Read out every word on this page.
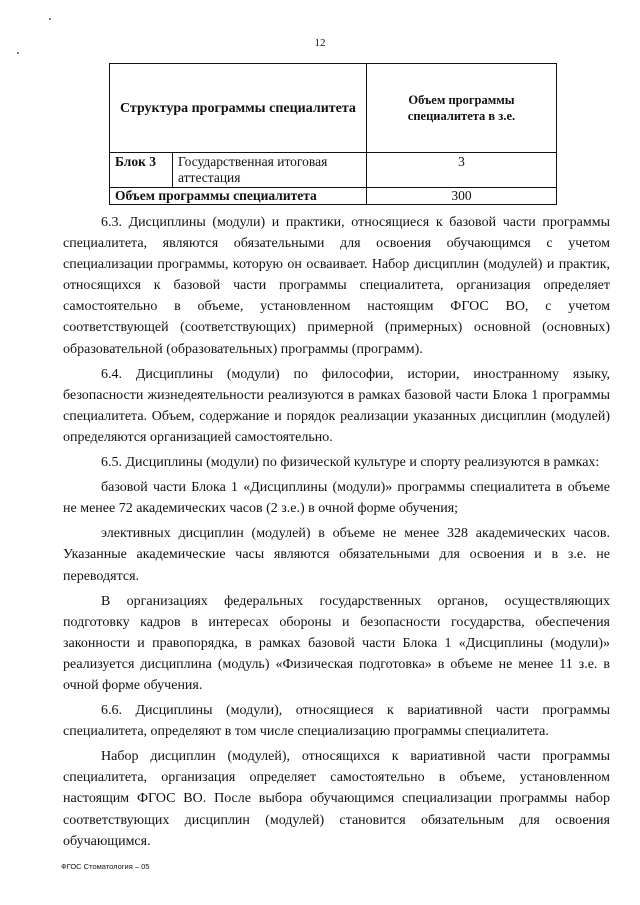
12
Структура программы специалитета		Объем программы специалитета в з.е.
Блок 3	Государственная итоговая аттестация	3
Объем программы специалитета		300

6.3. Дисциплины (модули) и практики, относящиеся к базовой части программы специалитета, являются обязательными для освоения обучающимся с учетом специализации программы, которую он осваивает. Набор дисциплин (модулей) и практик, относящихся к базовой части программы специалитета, организация определяет самостоятельно в объеме, установленном настоящим ФГОС ВО, с учетом соответствующей (соответствующих) примерной (примерных) основной (основных) образовательной (образовательных) программы (программ).

6.4. Дисциплины (модули) по философии, истории, иностранному языку, безопасности жизнедеятельности реализуются в рамках базовой части Блока 1 программы специалитета. Объем, содержание и порядок реализации указанных дисциплин (модулей) определяются организацией самостоятельно.

6.5. Дисциплины (модули) по физической культуре и спорту реализуются в рамках:

базовой части Блока 1 «Дисциплины (модули)» программы специалитета в объеме не менее 72 академических часов (2 з.е.) в очной форме обучения;

элективных дисциплин (модулей) в объеме не менее 328 академических часов. Указанные академические часы являются обязательными для освоения и в з.е. не переводятся.

В организациях федеральных государственных органов, осуществляющих подготовку кадров в интересах обороны и безопасности государства, обеспечения законности и правопорядка, в рамках базовой части Блока 1 «Дисциплины (модули)» реализуется дисциплина (модуль) «Физическая подготовка» в объеме не менее 11 з.е. в очной форме обучения.

6.6. Дисциплины (модули), относящиеся к вариативной части программы специалитета, определяют в том числе специализацию программы специалитета.

Набор дисциплин (модулей), относящихся к вариативной части программы специалитета, организация определяет самостоятельно в объеме, установленном настоящим ФГОС ВО. После выбора обучающимся специализации программы набор соответствующих дисциплин (модулей) становится обязательным для освоения обучающимся.

ФГОС Стоматология – 05
